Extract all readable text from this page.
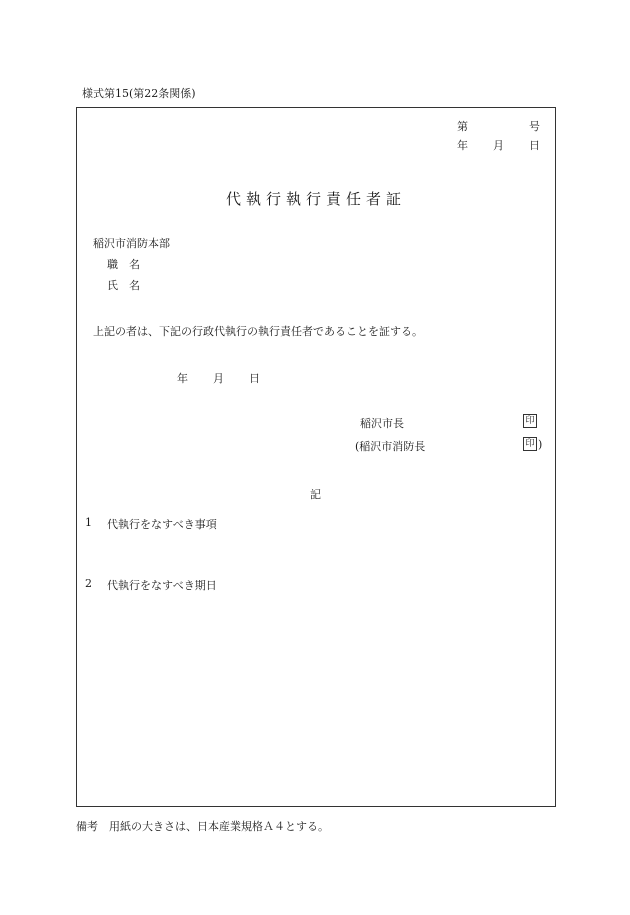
様式第15(第22条関係)
第	号
年 月 日
代執行執行責任者証
稲沢市消防本部
職　名
氏　名
上記の者は、下記の行政代執行の執行責任者であることを証する。
年 月 日
稲沢市長	印
(稲沢市消防長	印 )
記
1 代執行をなすべき事項
2 代執行をなすべき期日
備考　用紙の大きさは、日本産業規格Ａ４とする。
